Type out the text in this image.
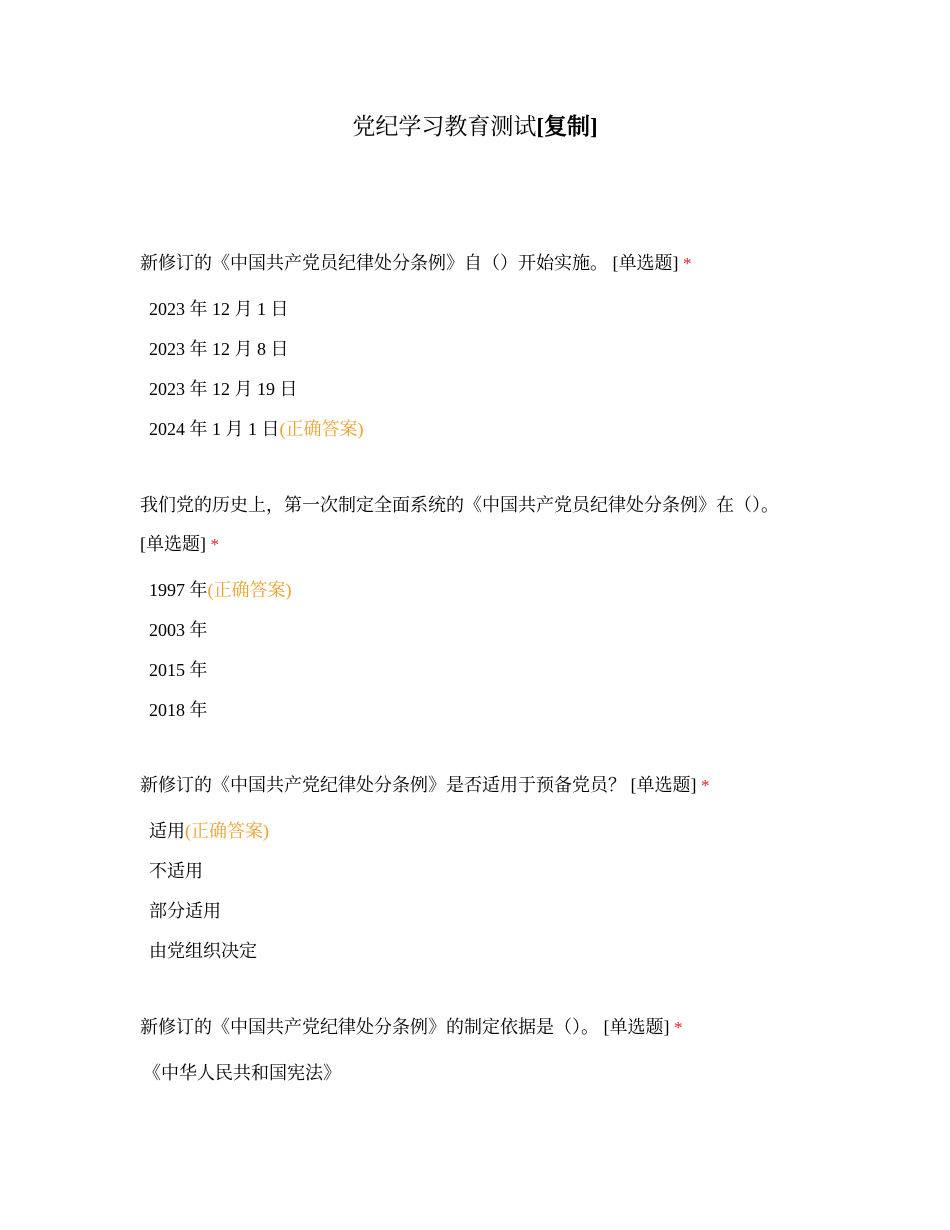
党纪学习教育测试[复制]

新修订的《中国共产党员纪律处分条例》自（）开始实施。 [单选题] *

2023 年 12 月 1 日
2023 年 12 月 8 日
2023 年 12 月 19 日
2024 年 1 月 1 日(正确答案)

我们党的历史上，第一次制定全面系统的《中国共产党员纪律处分条例》在（）。 [单选题] *

1997 年(正确答案)
2003 年
2015 年
2018 年

新修订的《中国共产党纪律处分条例》是否适用于预备党员？ [单选题] *

适用(正确答案)
不适用
部分适用
由党组织决定

新修订的《中国共产党纪律处分条例》的制定依据是（）。 [单选题] *

《中华人民共和国宪法》
